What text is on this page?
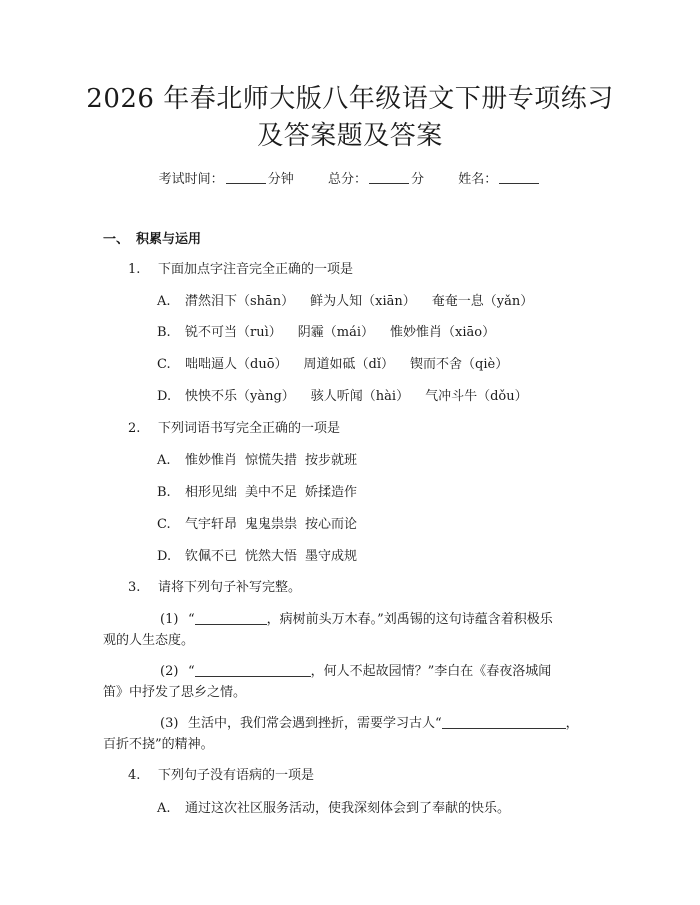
2026 年春北师大版八年级语文下册专项练习
及答案题及答案
考试时间：	分钟	总分：	分	姓名：
一、 积累与运用
1. 下面加点字注音完全正确的一项是
A. 潸然泪下（shān） 鲜为人知（xiān） 奄奄一息（yǎn）
B. 锐不可当（ruì） 阴霾（mái） 惟妙惟肖（xiāo）
C. 咄咄逼人（duō） 周道如砥（dǐ） 锲而不舍（qiè）
D. 怏怏不乐（yàng） 骇人听闻（hài） 气冲斗牛（dǒu）
2. 下列词语书写完全正确的一项是
A. 惟妙惟肖 惊慌失措 按步就班
B. 相形见绌 美中不足 娇揉造作
C. 气宇轩昂 鬼鬼祟祟 按心而论
D. 钦佩不已 恍然大悟 墨守成规
3. 请将下列句子补写完整。
(1) “	，病树前头万木春。”刘禹锡的这句诗蕴含着积极乐
观的人生态度。
(2) “	，何人不起故园情？”李白在《春夜洛城闻
笛》中抒发了思乡之情。
(3) 生活中，我们常会遇到挫折，需要学习古人“	，
百折不挠”的精神。
4. 下列句子没有语病的一项是
A. 通过这次社区服务活动，使我深刻体会到了奉献的快乐。
